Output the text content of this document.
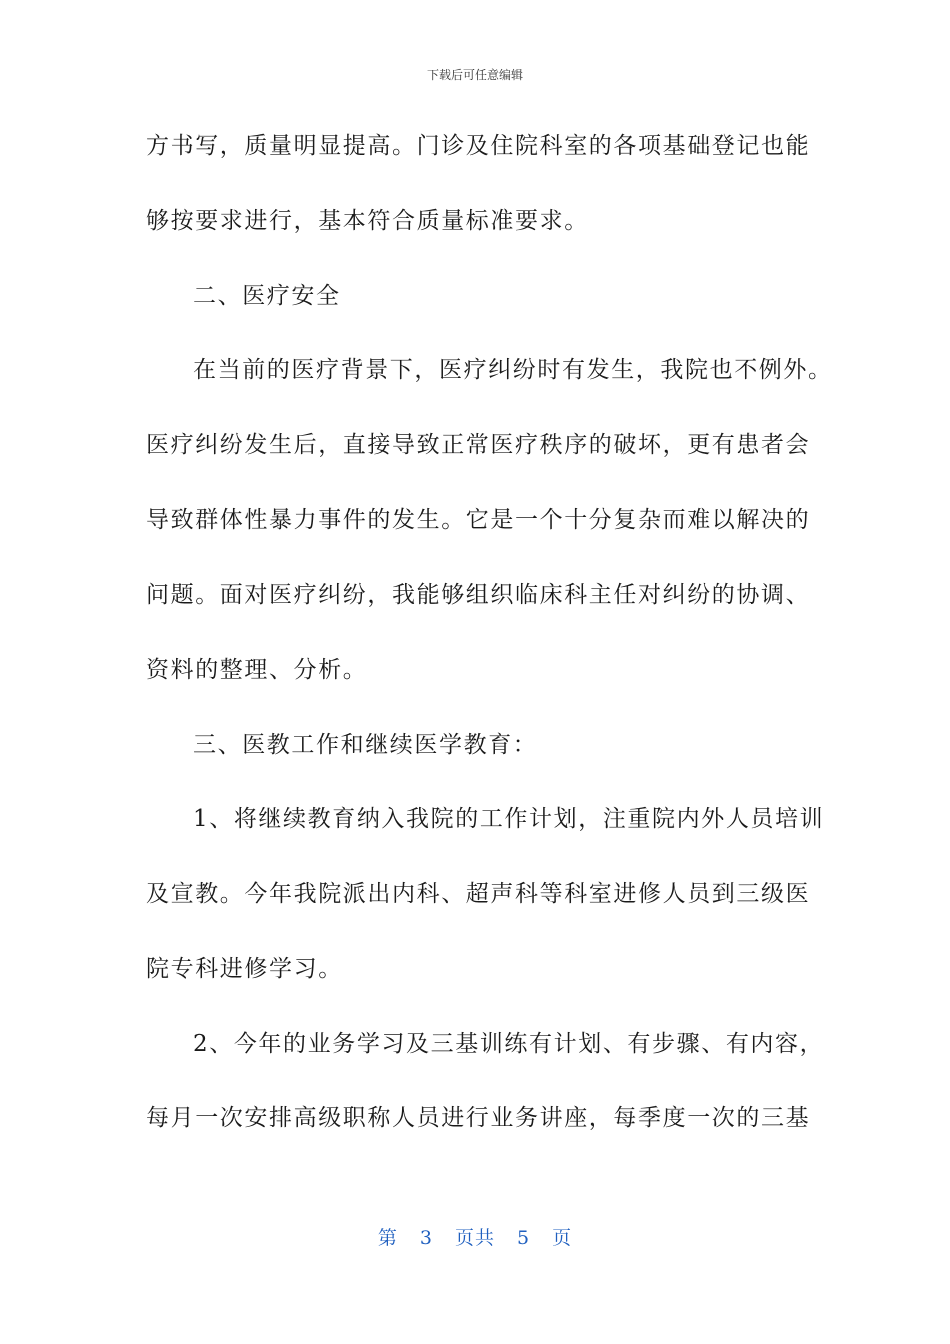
下载后可任意编辑
方书写，质量明显提高。门诊及住院科室的各项基础登记也能
够按要求进行，基本符合质量标准要求。
二、医疗安全
在当前的医疗背景下，医疗纠纷时有发生，我院也不例外。
医疗纠纷发生后，直接导致正常医疗秩序的破坏，更有患者会
导致群体性暴力事件的发生。它是一个十分复杂而难以解决的
问题。面对医疗纠纷，我能够组织临床科主任对纠纷的协调、
资料的整理、分析。
三、医教工作和继续医学教育：
1、将继续教育纳入我院的工作计划，注重院内外人员培训
及宣教。今年我院派出内科、超声科等科室进修人员到三级医
院专科进修学习。
2、今年的业务学习及三基训练有计划、有步骤、有内容，
每月一次安排高级职称人员进行业务讲座，每季度一次的三基
第 3 页共 5 页
